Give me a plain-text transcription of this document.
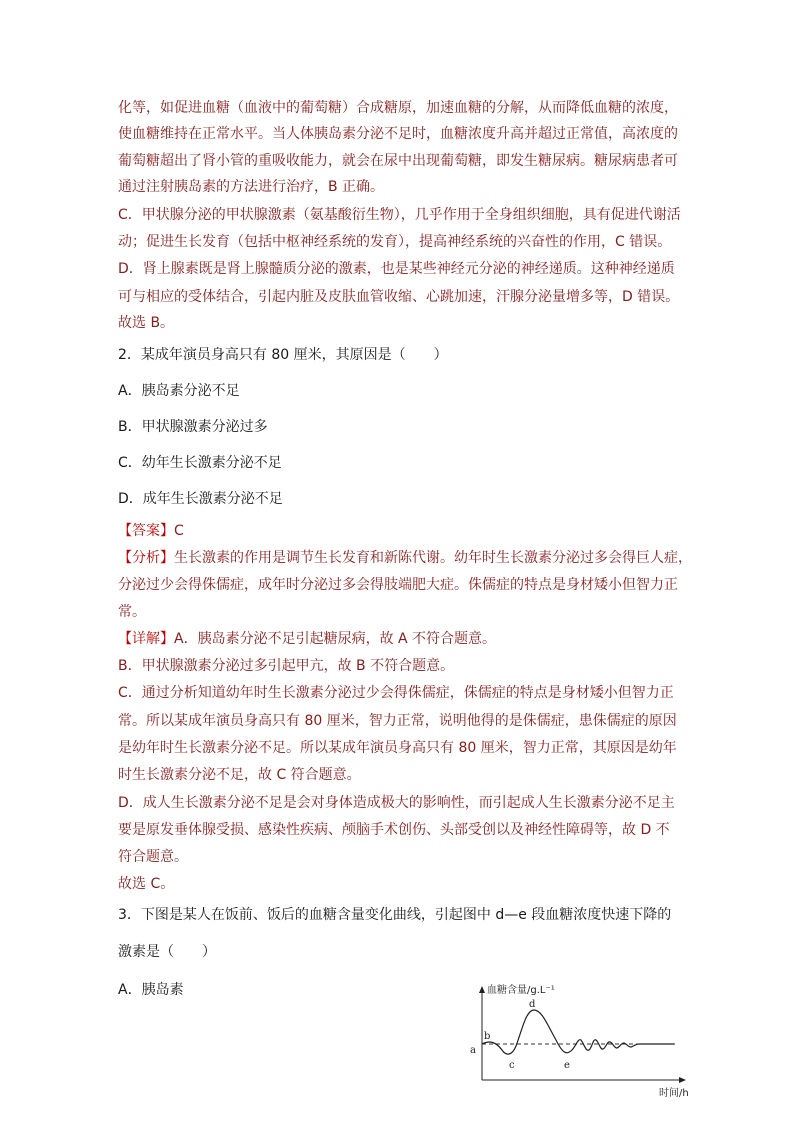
化等，如促进血糖（血液中的葡萄糖）合成糖原，加速血糖的分解，从而降低血糖的浓度，
使血糖维持在正常水平。当人体胰岛素分泌不足时，血糖浓度升高并超过正常值，高浓度的
葡萄糖超出了肾小管的重吸收能力，就会在尿中出现葡萄糖，即发生糖尿病。糖尿病患者可
通过注射胰岛素的方法进行治疗，B 正确。
C．甲状腺分泌的甲状腺激素（氨基酸衍生物），几乎作用于全身组织细胞，具有促进代谢活
动；促进生长发育（包括中枢神经系统的发育），提高神经系统的兴奋性的作用，C 错误。
D．肾上腺素既是肾上腺髓质分泌的激素，也是某些神经元分泌的神经递质。这种神经递质
可与相应的受体结合，引起内脏及皮肤血管收缩、心跳加速，汗腺分泌量增多等，D 错误。
故选 B。
2．某成年演员身高只有 80 厘米，其原因是（　　）
A．胰岛素分泌不足
B．甲状腺激素分泌过多
C．幼年生长激素分泌不足
D．成年生长激素分泌不足
【答案】C
【分析】生长激素的作用是调节生长发育和新陈代谢。幼年时生长激素分泌过多会得巨人症，
分泌过少会得侏儒症，成年时分泌过多会得肢端肥大症。侏儒症的特点是身材矮小但智力正
常。
【详解】A．胰岛素分泌不足引起糖尿病，故 A 不符合题意。
B．甲状腺激素分泌过多引起甲亢，故 B 不符合题意。
C．通过分析知道幼年时生长激素分泌过少会得侏儒症，侏儒症的特点是身材矮小但智力正
常。所以某成年演员身高只有 80 厘米，智力正常，说明他得的是侏儒症，患侏儒症的原因
是幼年时生长激素分泌不足。所以某成年演员身高只有 80 厘米，智力正常，其原因是幼年
时生长激素分泌不足，故 C 符合题意。
D．成人生长激素分泌不足是会对身体造成极大的影响性，而引起成人生长激素分泌不足主
要是原发垂体腺受损、感染性疾病、颅脑手术创伤、头部受创以及神经性障碍等，故 D 不
符合题意。
故选 C。
3．下图是某人在饭前、饭后的血糖含量变化曲线，引起图中 d—e 段血糖浓度快速下降的
激素是（　　）
A．胰岛素
a
b
c
d
e
血糖含量/g.L⁻¹
时间/h
